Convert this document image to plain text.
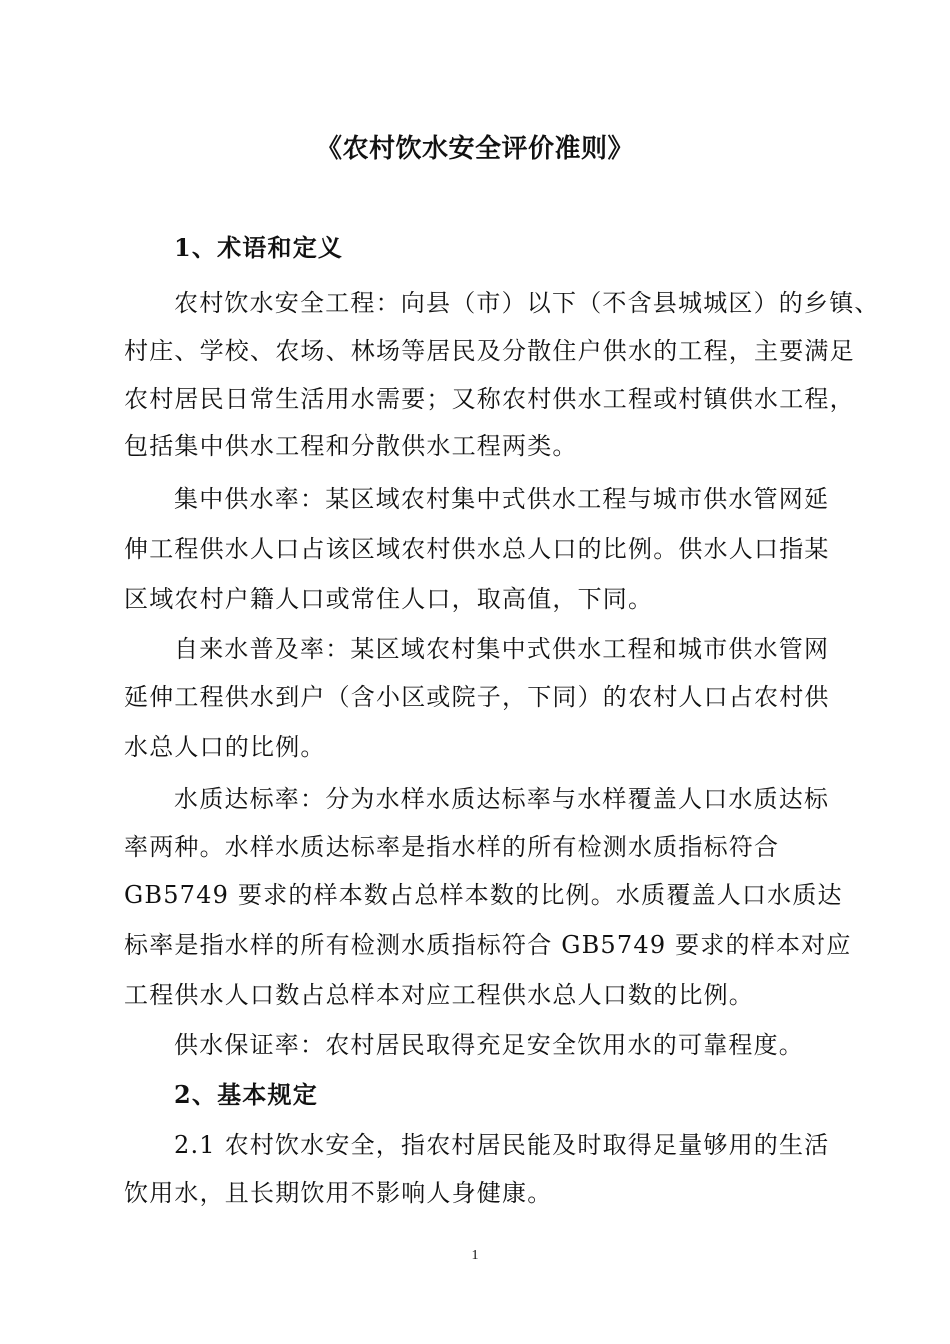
《农村饮水安全评价准则》
1、术语和定义
农村饮水安全工程：向县（市）以下（不含县城城区）的乡镇、
村庄、学校、农场、林场等居民及分散住户供水的工程，主要满足
农村居民日常生活用水需要；又称农村供水工程或村镇供水工程，
包括集中供水工程和分散供水工程两类。
集中供水率：某区域农村集中式供水工程与城市供水管网延
伸工程供水人口占该区域农村供水总人口的比例。供水人口指某
区域农村户籍人口或常住人口，取高值，下同。
自来水普及率：某区域农村集中式供水工程和城市供水管网
延伸工程供水到户（含小区或院子，下同）的农村人口占农村供
水总人口的比例。
水质达标率：分为水样水质达标率与水样覆盖人口水质达标
率两种。水样水质达标率是指水样的所有检测水质指标符合
GB5749 要求的样本数占总样本数的比例。水质覆盖人口水质达
标率是指水样的所有检测水质指标符合 GB5749 要求的样本对应
工程供水人口数占总样本对应工程供水总人口数的比例。
供水保证率：农村居民取得充足安全饮用水的可靠程度。
2、基本规定
2.1 农村饮水安全，指农村居民能及时取得足量够用的生活
饮用水，且长期饮用不影响人身健康。
1
